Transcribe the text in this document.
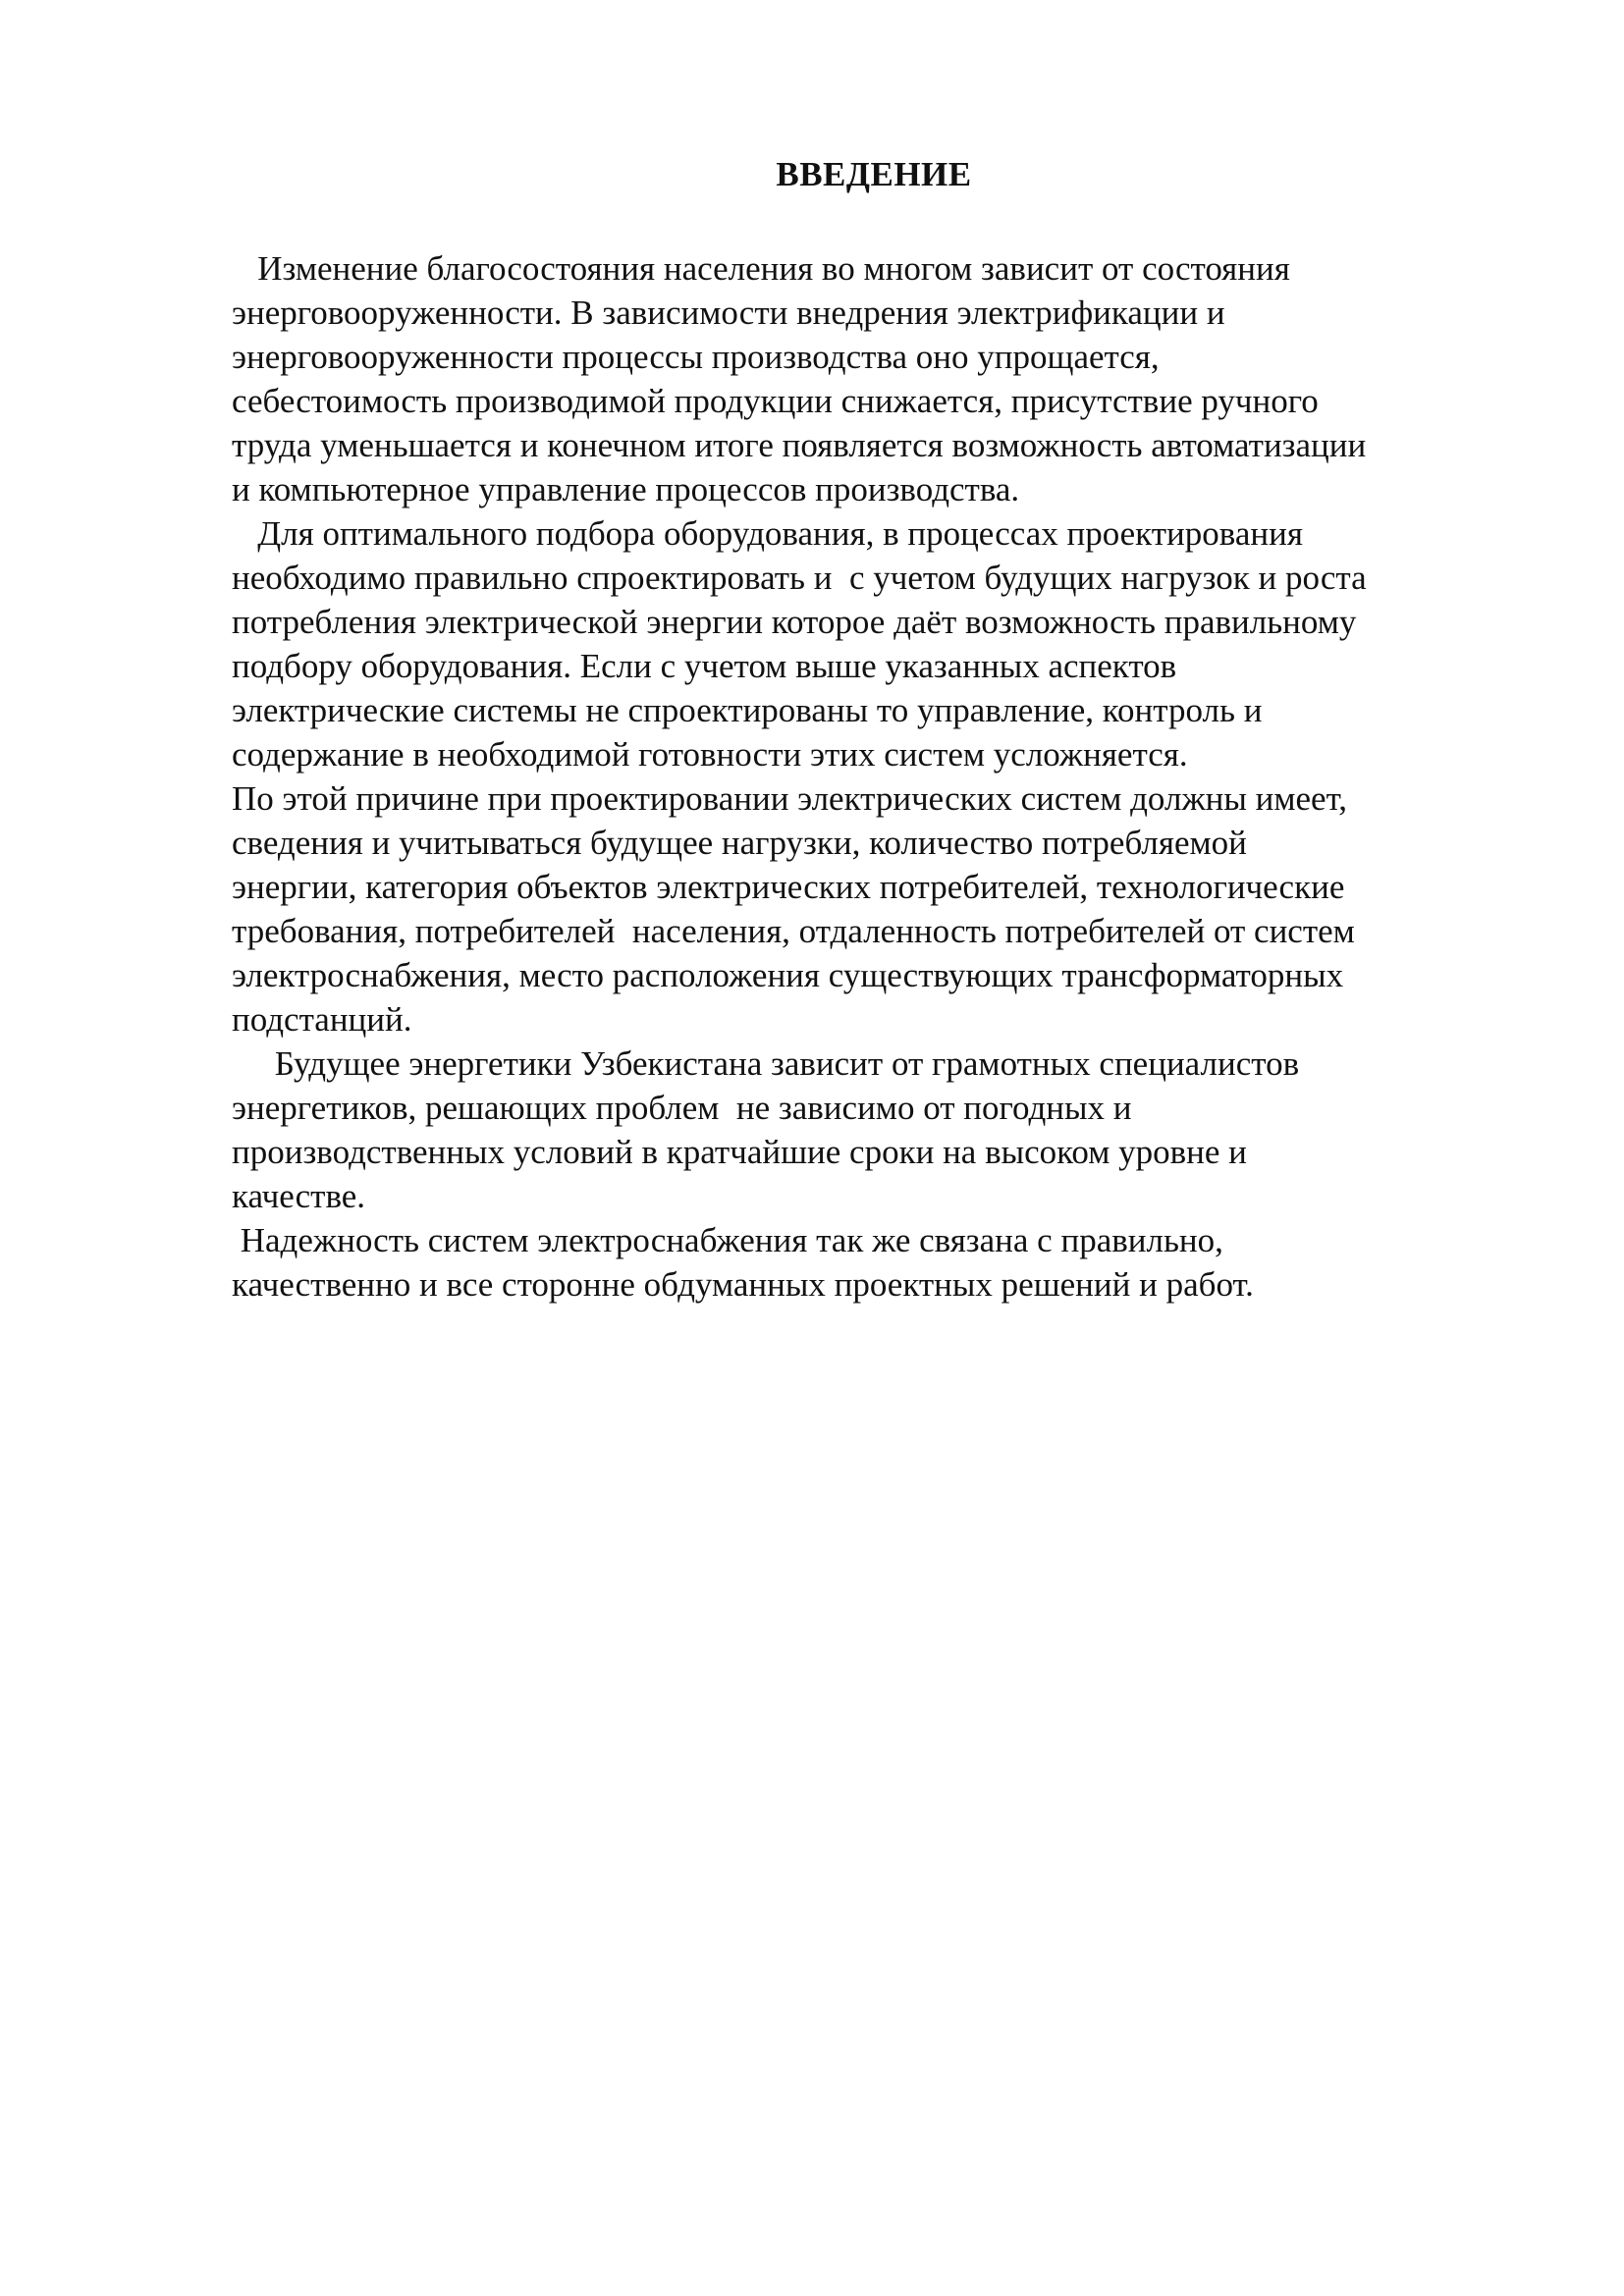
ВВЕДЕНИЕ
Изменение благосостояния населения во многом зависит от состояния
энерговооруженности. В зависимости внедрения электрификации и
энерговооруженности процессы производства оно упрощается,
себестоимость производимой продукции снижается, присутствие ручного
труда уменьшается и конечном итоге появляется возможность автоматизации
и компьютерное управление процессов производства.
Для оптимального подбора оборудования, в процессах проектирования
необходимо правильно спроектировать и  с учетом будущих нагрузок и роста
потребления электрической энергии которое даёт возможность правильному
подбору оборудования. Если с учетом выше указанных аспектов
электрические системы не спроектированы то управление, контроль и
содержание в необходимой готовности этих систем усложняется.
По этой причине при проектировании электрических систем должны имеет,
сведения и учитываться будущее нагрузки, количество потребляемой
энергии, категория объектов электрических потребителей, технологические
требования, потребителей  населения, отдаленность потребителей от систем
электроснабжения, место расположения существующих трансформаторных
подстанций.
Будущее энергетики Узбекистана зависит от грамотных специалистов
энергетиков, решающих проблем  не зависимо от погодных и
производственных условий в кратчайшие сроки на высоком уровне и
качестве.
Надежность систем электроснабжения так же связана с правильно,
качественно и все сторонне обдуманных проектных решений и работ.
